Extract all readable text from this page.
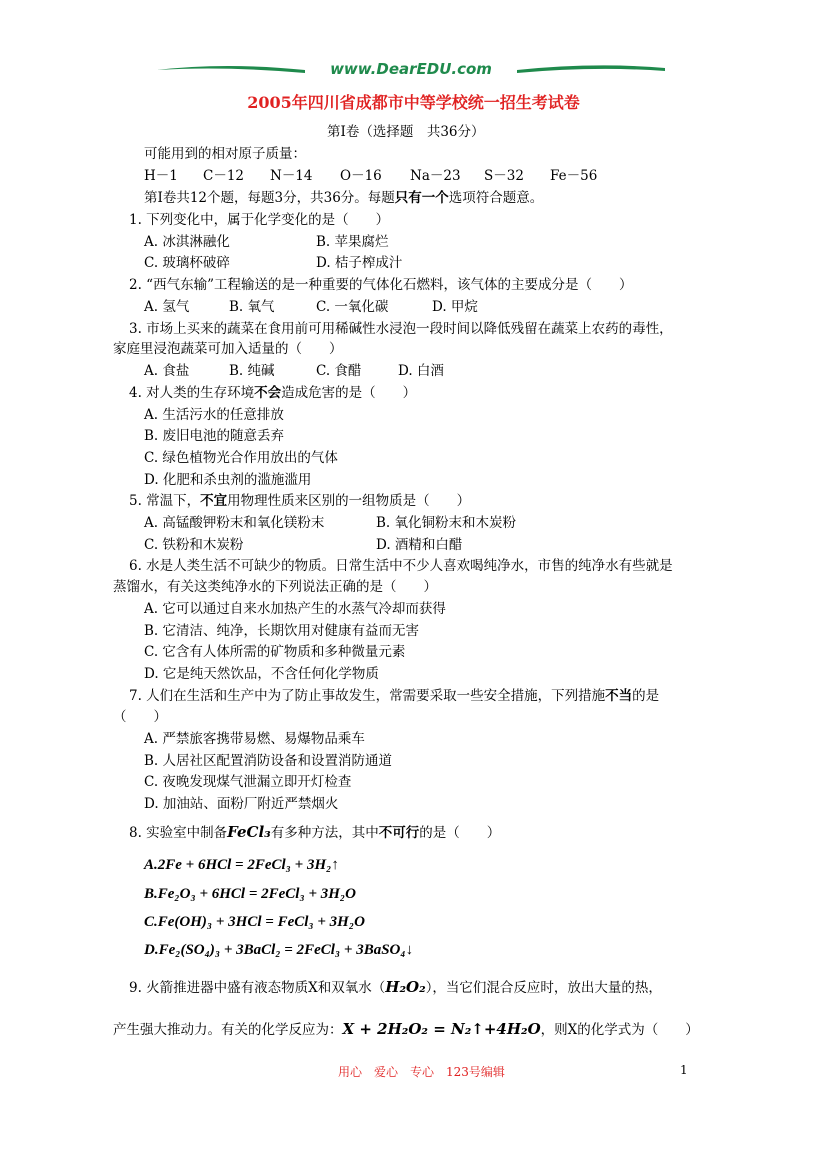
www.DearEDU.com
2005年四川省成都市中等学校统一招生考试卷
第Ⅰ卷（选择题　共36分）
可能用到的相对原子质量：
H－1 C－12 N－14 O－16 Na－23 S－32 Fe－56
第Ⅰ卷共12个题，每题3分，共36分。每题只有一个选项符合题意。
1. 下列变化中，属于化学变化的是（　　）
A. 冰淇淋融化	B. 苹果腐烂
C. 玻璃杯破碎	D. 桔子榨成汁
2. “西气东输”工程输送的是一种重要的气体化石燃料，该气体的主要成分是（　　）
A. 氢气	B. 氧气	C. 一氧化碳	D. 甲烷
3. 市场上买来的蔬菜在食用前可用稀碱性水浸泡一段时间以降低残留在蔬菜上农药的毒性，
家庭里浸泡蔬菜可加入适量的（　　）
A. 食盐	B. 纯碱	C. 食醋	D. 白酒
4. 对人类的生存环境不会造成危害的是（　　）
A. 生活污水的任意排放
B. 废旧电池的随意丢弃
C. 绿色植物光合作用放出的气体
D. 化肥和杀虫剂的滥施滥用
5. 常温下，不宜用物理性质来区别的一组物质是（　　）
A. 高锰酸钾粉末和氧化镁粉末	B. 氧化铜粉末和木炭粉
C. 铁粉和木炭粉	D. 酒精和白醋
6. 水是人类生活不可缺少的物质。日常生活中不少人喜欢喝纯净水，市售的纯净水有些就是
蒸馏水，有关这类纯净水的下列说法正确的是（　　）
A. 它可以通过自来水加热产生的水蒸气冷却而获得
B. 它清洁、纯净，长期饮用对健康有益而无害
C. 它含有人体所需的矿物质和多种微量元素
D. 它是纯天然饮品，不含任何化学物质
7. 人们在生活和生产中为了防止事故发生，常需要采取一些安全措施，下列措施不当的是
（　　）
A. 严禁旅客携带易燃、易爆物品乘车
B. 人居社区配置消防设备和设置消防通道
C. 夜晚发现煤气泄漏立即开灯检查
D. 加油站、面粉厂附近严禁烟火
8. 实验室中制备FeCl₃有多种方法，其中不可行的是（　　）
A.2Fe + 6HCl = 2FeCl₃ + 3H₂↑
B.Fe₂O₃ + 6HCl = 2FeCl₃ + 3H₂O
C.Fe(OH)₃ + 3HCl = FeCl₃ + 3H₂O
D.Fe₂(SO₄)₃ + 3BaCl₂ = 2FeCl₃ + 3BaSO₄↓
9. 火箭推进器中盛有液态物质X和双氧水（H₂O₂），当它们混合反应时，放出大量的热，
产生强大推动力。有关的化学反应为：X + 2H₂O₂ = N₂↑+4H₂O，则X的化学式为（　　）
用心　爱心　专心　123号编辑	1
